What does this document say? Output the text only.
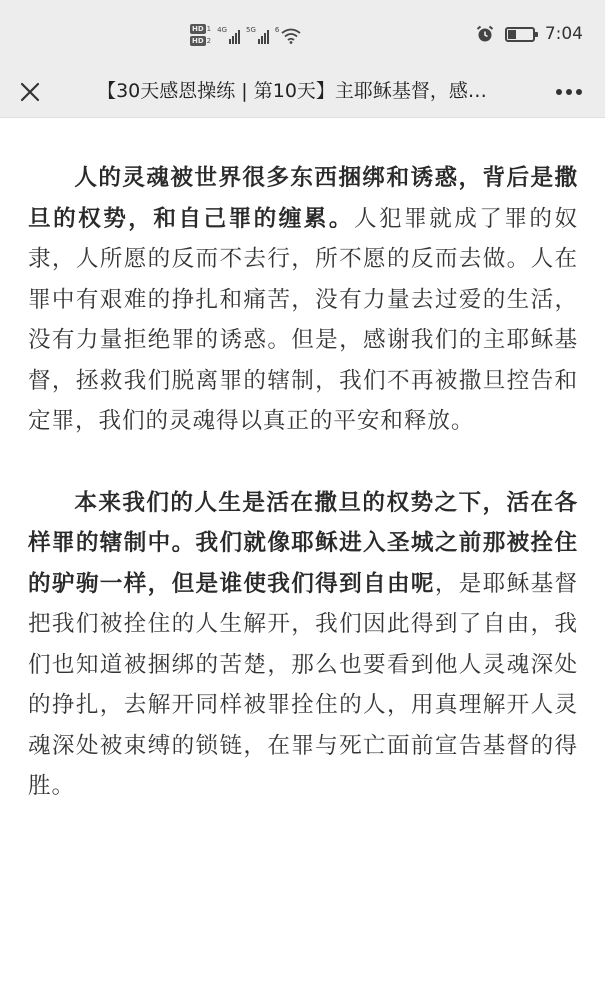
HD 1
HD 2
4G	5G	6	7:04
【30天感恩操练 | 第10天】主耶稣基督，感…

人的灵魂被世界很多东西捆绑和诱惑，背后是撒旦的权势，和自己罪的缠累。人犯罪就成了罪的奴隶，人所愿的反而不去行，所不愿的反而去做。人在罪中有艰难的挣扎和痛苦，没有力量去过爱的生活，没有力量拒绝罪的诱惑。但是，感谢我们的主耶稣基督，拯救我们脱离罪的辖制，我们不再被撒旦控告和定罪，我们的灵魂得以真正的平安和释放。

本来我们的人生是活在撒旦的权势之下，活在各样罪的辖制中。我们就像耶稣进入圣城之前那被拴住的驴驹一样，但是谁使我们得到自由呢，是耶稣基督把我们被拴住的人生解开，我们因此得到了自由，我们也知道被捆绑的苦楚，那么也要看到他人灵魂深处的挣扎，去解开同样被罪拴住的人，用真理解开人灵魂深处被束缚的锁链，在罪与死亡面前宣告基督的得胜。
